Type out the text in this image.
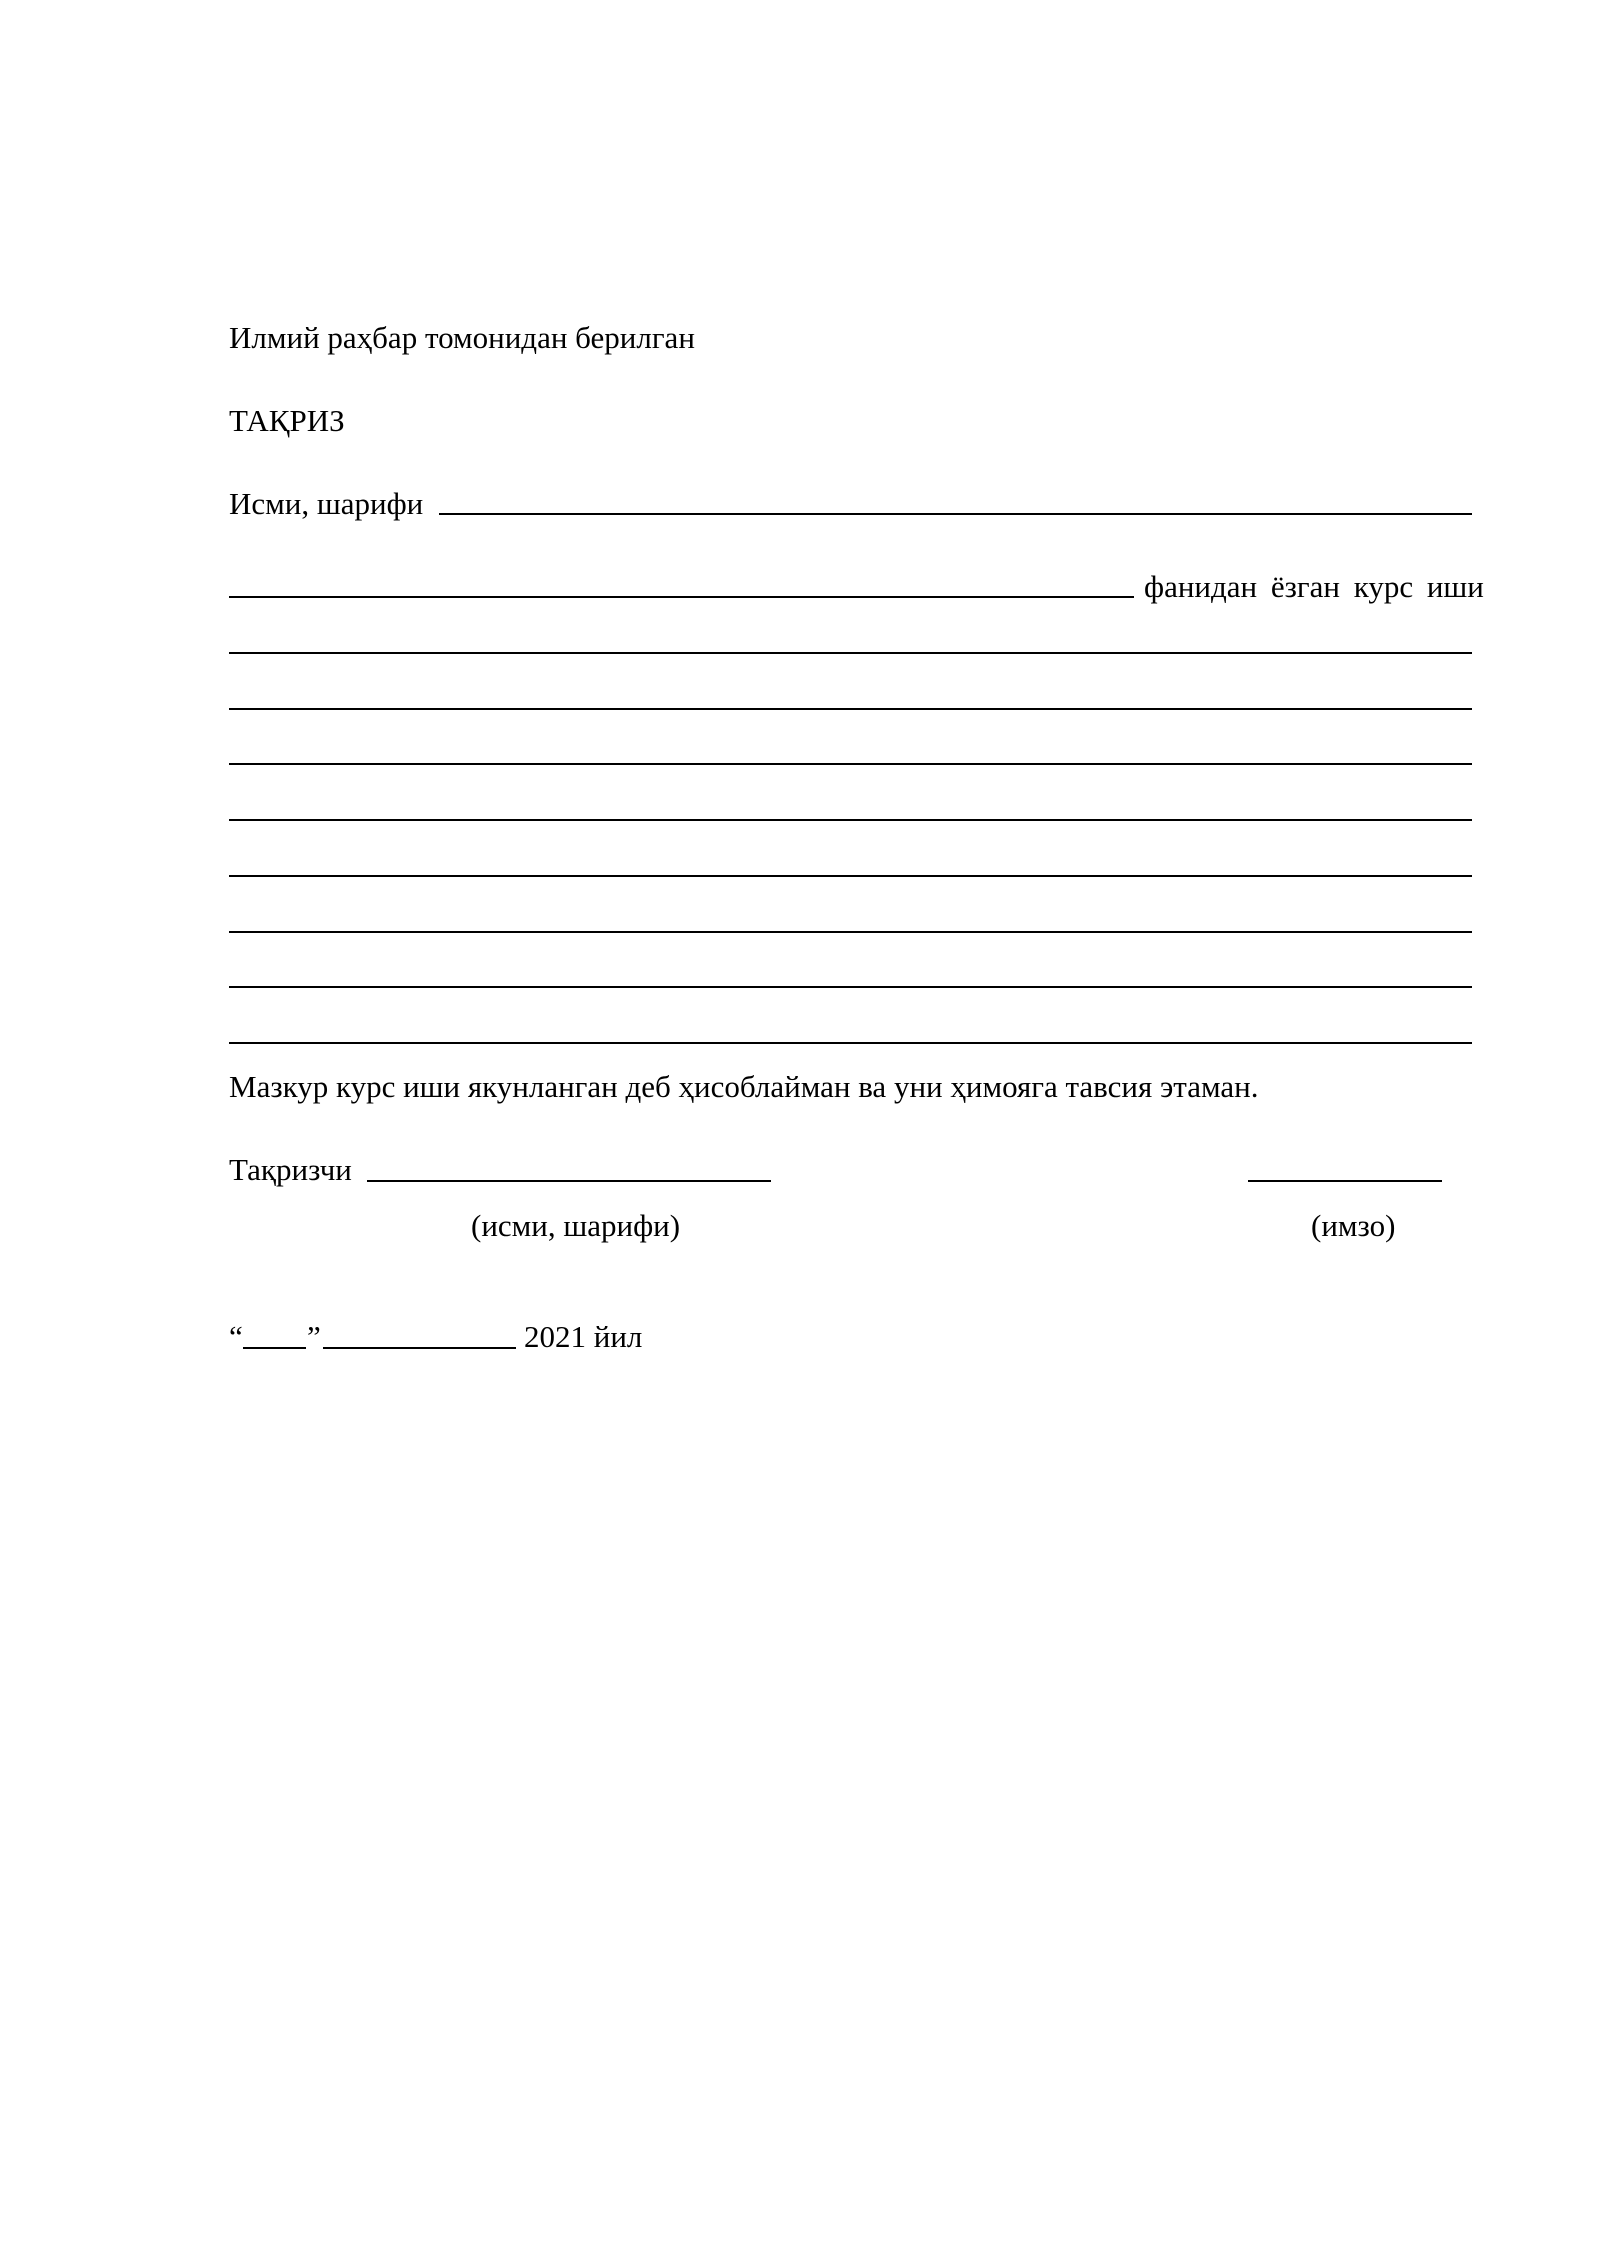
Илмий раҳбар томонидан берилган
ТАҚРИЗ
Исми, шарифи
фанидан ёзган курс иши
Мазкур курс иши якунланган деб ҳисоблайман ва уни ҳимояга тавсия этаман.
Тақризчи
(исми, шарифи)	(имзо)
“ ”	2021 йил
